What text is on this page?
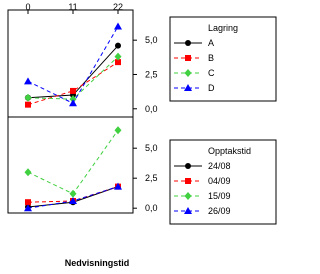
0	11	22
0,0
2,5
5,0
Lagring
A
B
C
D
0,0
2,5
5,0	Opptakstid
24/08
04/09
15/09
26/09
Nedvisningstid
